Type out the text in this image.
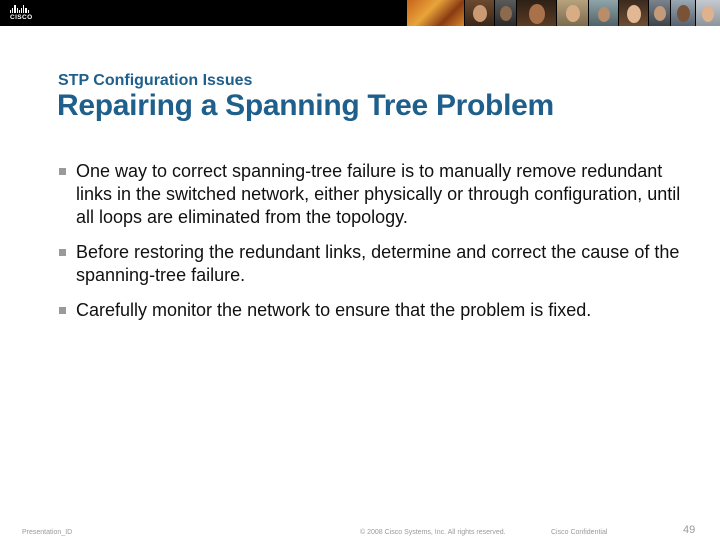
CISCO
STP Configuration Issues
Repairing a Spanning Tree Problem
One way to correct spanning-tree failure is to manually remove redundant links in the switched network, either physically or through configuration, until all loops are eliminated from the topology.
Before restoring the redundant links, determine and correct the cause of the spanning-tree failure.
Carefully monitor the network to ensure that the problem is fixed.
Presentation_ID	© 2008 Cisco Systems, Inc. All rights reserved.	Cisco Confidential	49
